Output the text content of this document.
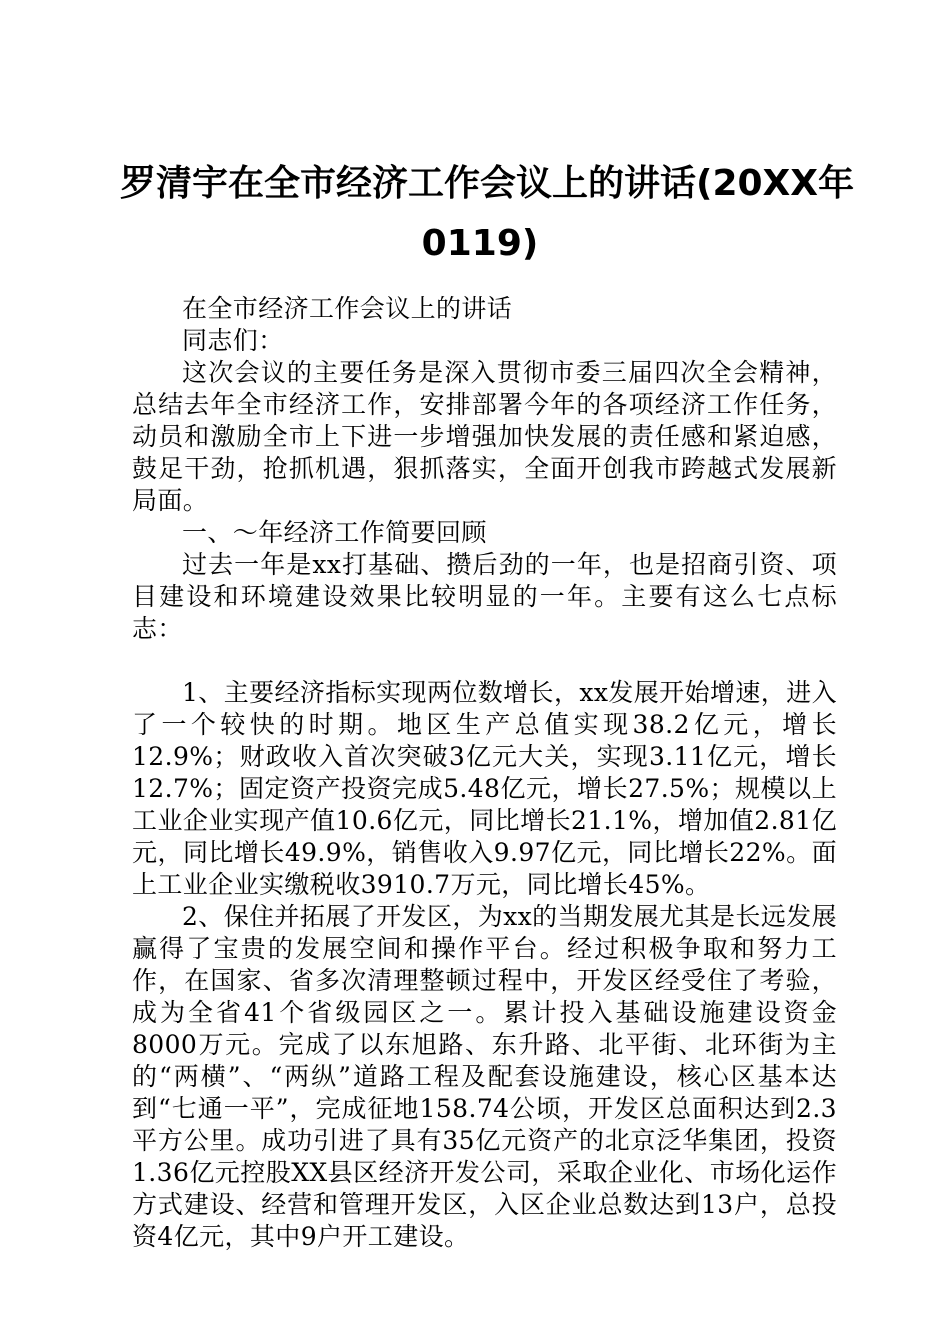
罗清宇在全市经济工作会议上的讲话(20XX年
0119)

在全市经济工作会议上的讲话

同志们：

这次会议的主要任务是深入贯彻市委三届四次全会精神，总结去年全市经济工作，安排部署今年的各项经济工作任务，动员和激励全市上下进一步增强加快发展的责任感和紧迫感，鼓足干劲，抢抓机遇，狠抓落实，全面开创我市跨越式发展新局面。

一、～年经济工作简要回顾

过去一年是xx打基础、攒后劲的一年，也是招商引资、项目建设和环境建设效果比较明显的一年。主要有这么七点标志：

1、主要经济指标实现两位数增长，xx发展开始增速，进入了一个较快的时期。地区生产总值实现38.2亿元，增长12.9%；财政收入首次突破3亿元大关，实现3.11亿元，增长12.7%；固定资产投资完成5.48亿元，增长27.5%；规模以上工业企业实现产值10.6亿元，同比增长21.1%，增加值2.81亿元，同比增长49.9%，销售收入9.97亿元，同比增长22%。面上工业企业实缴税收3910.7万元，同比增长45%。

2、保住并拓展了开发区，为xx的当期发展尤其是长远发展赢得了宝贵的发展空间和操作平台。经过积极争取和努力工作，在国家、省多次清理整顿过程中，开发区经受住了考验，成为全省41个省级园区之一。累计投入基础设施建设资金8000万元。完成了以东旭路、东升路、北平街、北环街为主的“两横”、“两纵”道路工程及配套设施建设，核心区基本达到“七通一平”，完成征地158.74公顷，开发区总面积达到2.3平方公里。成功引进了具有35亿元资产的北京泛华集团，投资1.36亿元控股XX县区经济开发公司，采取企业化、市场化运作方式建设、经营和管理开发区，入区企业总数达到13户，总投资4亿元，其中9户开工建设。
